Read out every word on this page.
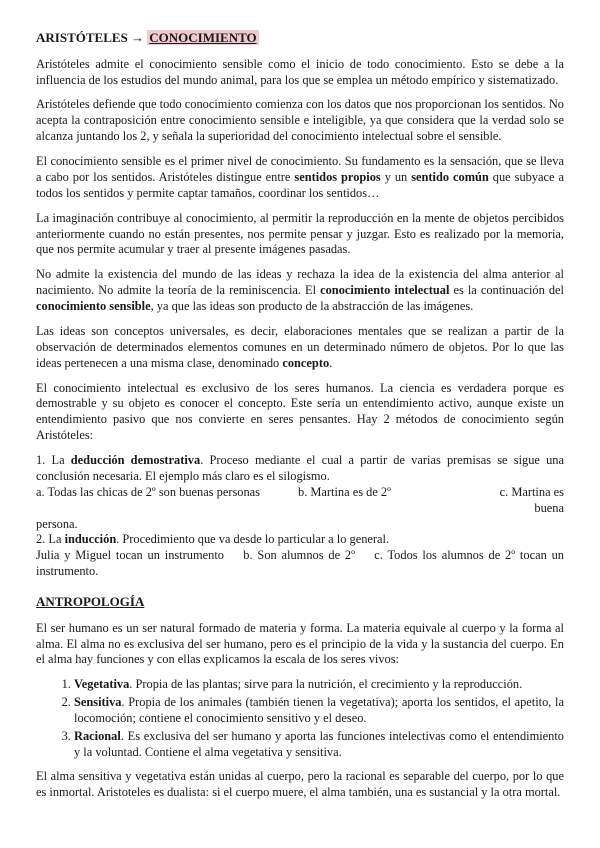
ARISTÓTELES → CONOCIMIENTO

Aristóteles admite el conocimiento sensible como el inicio de todo conocimiento. Esto se debe a la influencia de los estudios del mundo animal, para los que se emplea un método empírico y sistematizado.

Aristóteles defiende que todo conocimiento comienza con los datos que nos proporcionan los sentidos. No acepta la contraposición entre conocimiento sensible e inteligible, ya que considera que la verdad solo se alcanza juntando los 2, y señala la superioridad del conocimiento intelectual sobre el sensible.

El conocimiento sensible es el primer nivel de conocimiento. Su fundamento es la sensación, que se lleva a cabo por los sentidos. Aristóteles distingue entre sentidos propios y un sentido común que subyace a todos los sentidos y permite captar tamaños, coordinar los sentidos…

La imaginación contribuye al conocimiento, al permitir la reproducción en la mente de objetos percibidos anteriormente cuando no están presentes, nos permite pensar y juzgar. Esto es realizado por la memoria, que nos permite acumular y traer al presente imágenes pasadas.

No admite la existencia del mundo de las ideas y rechaza la idea de la existencia del alma anterior al nacimiento. No admite la teoría de la reminiscencia. El conocimiento intelectual es la continuación del conocimiento sensible, ya que las ideas son producto de la abstracción de las imágenes.

Las ideas son conceptos universales, es decir, elaboraciones mentales que se realizan a partir de la observación de determinados elementos comunes en un determinado número de objetos. Por lo que las ideas pertenecen a una misma clase, denominado concepto.

El conocimiento intelectual es exclusivo de los seres humanos. La ciencia es verdadera porque es demostrable y su objeto es conocer el concepto. Este sería un entendimiento activo, aunque existe un entendimiento pasivo que nos convierte en seres pensantes. Hay 2 métodos de conocimiento según Aristóteles:

1. La deducción demostrativa. Proceso mediante el cual a partir de varias premisas se sigue una conclusión necesaria. El ejemplo más claro es el silogismo.

a. Todas las chicas de 2º son buenas personas	b. Martina es de 2º	c. Martina es buena
persona.

2. La inducción. Procedimiento que va desde lo particular a lo general.

Julia y Miguel tocan un instrumento    b. Son alumnos de 2º    c. Todos los alumnos de 2º tocan un instrumento.

ANTROPOLOGÍA

El ser humano es un ser natural formado de materia y forma. La materia equivale al cuerpo y la forma al alma. El alma no es exclusiva del ser humano, pero es el principio de la vida y la sustancia del cuerpo. En el alma hay funciones y con ellas explicamos la escala de los seres vivos:

1. Vegetativa. Propia de las plantas; sirve para la nutrición, el crecimiento y la reproducción.
2. Sensitiva. Propia de los animales (también tienen la vegetativa); aporta los sentidos, el apetito, la locomoción; contiene el conocimiento sensitivo y el deseo.
3. Racional. Es exclusiva del ser humano y aporta las funciones intelectivas como el entendimiento y la voluntad. Contiene el alma vegetativa y sensitiva.

El alma sensitiva y vegetativa están unidas al cuerpo, pero la racional es separable del cuerpo, por lo que es inmortal. Aristoteles es dualista: si el cuerpo muere, el alma también, una es sustancial y la otra mortal.
